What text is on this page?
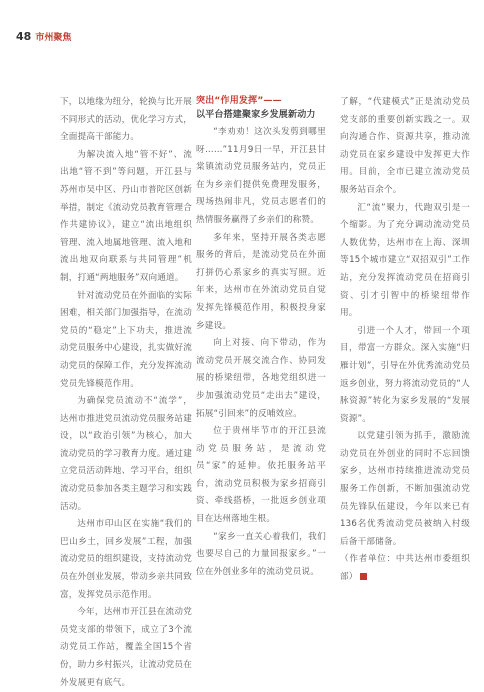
48 市州聚焦

下，以地缘为纽分，轮换与比开展不同形式的活动，优化学习方式，全面提高干部能力。

为解决流入地“管不好”、流出地“管不到”等问题，开江县与苏州市吴中区、丹山市普陀区创新举措，制定《流动党员教育管理合作共建协议》，建立“流出地组织管理、流入地属地管理、流入地和流出地双向联系与共同管理”机制，打通“两地服务”双向通道。

针对流动党员在外面临的实际困难，相关部门加强指导，在流动党员的“稳定”上下功夫，推进流动党员服务中心建设，扎实做好流动党员的保障工作，充分发挥流动党员先锋模范作用。

为确保党员流动不“流学”，达州市推进党员流动党员服务站建设，以“政治引领”为核心，加大流动党员的学习教育力度。通过建立党员活动阵地、学习平台，组织流动党员参加各类主题学习和实践活动。

达州市印山区在实施“我们的巴山乡土，回乡发展”工程，加强流动党员的组织建设，支持流动党员在外创业发展，带动乡亲共同致富，发挥党员示范作用。

今年，达州市开江县在流动党员党支部的带领下，成立了3个流动党员工作站，覆盖全国15个省份，助力乡村振兴，让流动党员在外发展更有底气。

突出“作用发挥”——
以平台搭建聚家乡发展新动力

“李劝劝！这次头发剪到哪里呀……”11月9日一早，开江县甘棠镇流动党员服务站内，党员正在为乡亲们提供免费理发服务，现场热闹非凡，党员志愿者们的热情服务赢得了乡亲们的称赞。

多年来，坚持开展各类志愿服务的背后，是流动党员在外面打拼仍心系家乡的真实写照。近年来，达州市在外流动党员自觉发挥先锋模范作用，积极投身家乡建设。

向上对接、向下带动，作为流动党员开展交流合作、协同发展的桥梁纽带，各地党组织进一步加强流动党员“走出去”建设，拓展“引回来”的反哺效应。

位于贵州毕节市的开江县流动党员服务站，是流动党员“家”的延伸。依托服务站平台，流动党员积极为家乡招商引资、牵线搭桥，一批返乡创业项目在达州落地生根。

“家乡一直关心着我们，我们也要尽自己的力量回报家乡。”一位在外创业多年的流动党员说。

了解，“代建模式”正是流动党员党支部的重要创新实践之一。双向沟通合作、资源共享，推动流动党员在家乡建设中发挥更大作用。目前，全市已建立流动党员服务站百余个。

汇“流”聚力，代跑双引是一个缩影。为了充分调动流动党员人数优势，达州市在上海、深圳等15个城市建立“双招双引”工作站，充分发挥流动党员在招商引资、引才引智中的桥梁纽带作用。

引进一个人才，带回一个项目，带富一方群众。深入实施“归雁计划”，引导在外优秀流动党员返乡创业，努力将流动党员的“人脉资源”转化为家乡发展的“发展资源”。

以党建引领为抓手，激励流动党员在外创业的同时不忘回馈家乡，达州市持续推进流动党员服务工作创新，不断加强流动党员先锋队伍建设，今年以来已有136名优秀流动党员被纳入村级后备干部储备。

（作者单位：中共达州市委组织部）
